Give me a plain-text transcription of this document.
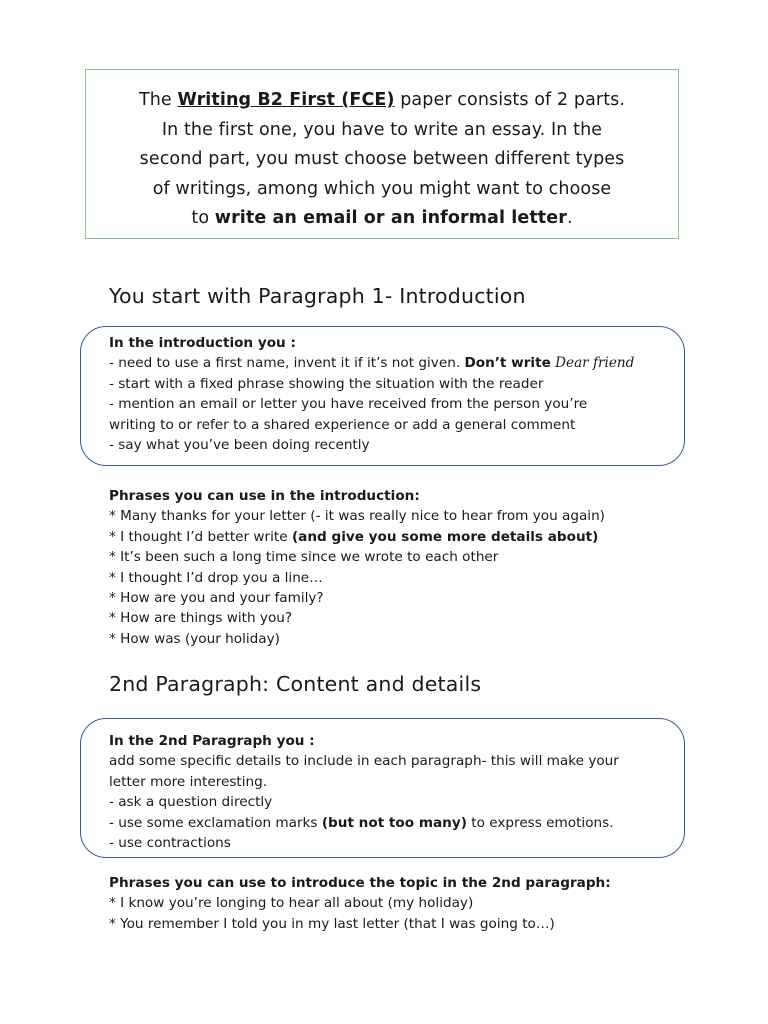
The Writing B2 First (FCE) paper consists of 2 parts.
In the first one, you have to write an essay. In the
second part, you must choose between different types
of writings, among which you might want to choose
to write an email or an informal letter.
You start with Paragraph 1- Introduction
In the introduction you :
- need to use a first name, invent it if it’s not given. Don’t write Dear friend
- start with a fixed phrase showing the situation with the reader
- mention an email or letter you have received from the person you’re
writing to or refer to a shared experience or add a general comment
- say what you’ve been doing recently
Phrases you can use in the introduction:
* Many thanks for your letter (- it was really nice to hear from you again)
* I thought I’d better write (and give you some more details about)
* It’s been such a long time since we wrote to each other
* I thought I’d drop you a line…
* How are you and your family?
* How are things with you?
* How was (your holiday)
2nd Paragraph: Content and details
In the 2nd Paragraph you :
add some specific details to include in each paragraph- this will make your
letter more interesting.
- ask a question directly
- use some exclamation marks (but not too many) to express emotions.
- use contractions
Phrases you can use to introduce the topic in the 2nd paragraph:
* I know you’re longing to hear all about (my holiday)
* You remember I told you in my last letter (that I was going to…)
